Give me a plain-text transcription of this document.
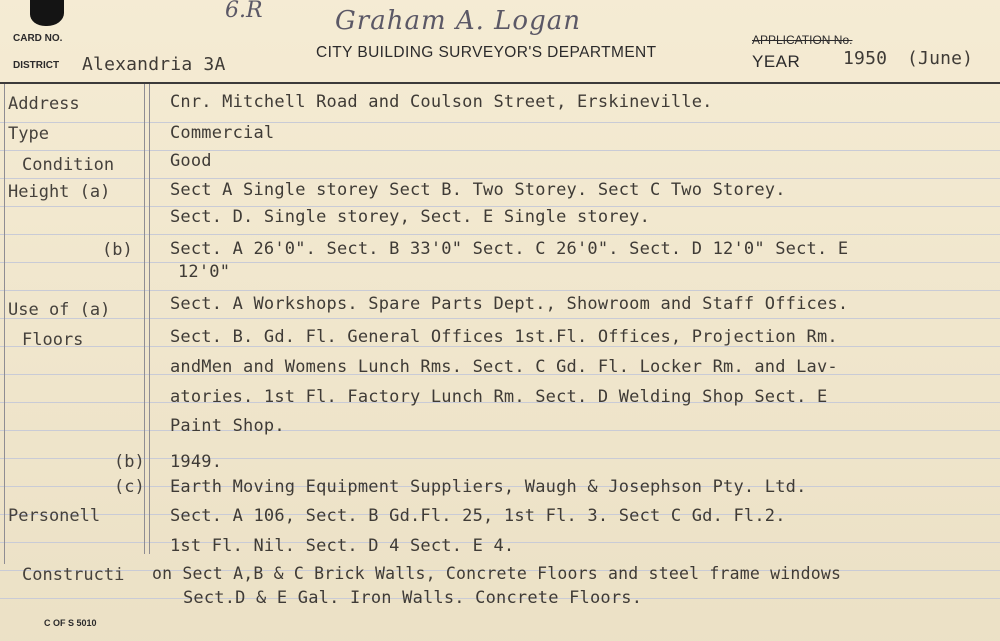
6.R	Graham A. Logan
CARD NO.
DISTRICT Alexandria 3A
CITY BUILDING SURVEYOR'S DEPARTMENT
APPLICATION No.
YEAR 1950 (June)
Address
Type
Condition
Height (a)
(b)
Use of (a)
Floors
(b)
(c)
Personell
Constructi
Cnr. Mitchell Road and Coulson Street, Erskineville.
Commercial
Good
Sect A Single storey Sect B. Two Storey. Sect C Two Storey.
Sect. D. Single storey, Sect. E Single storey.
Sect. A 26'0". Sect. B 33'0" Sect. C 26'0". Sect. D 12'0" Sect. E
12'0"
Sect. A Workshops. Spare Parts Dept., Showroom and Staff Offices.
Sect. B. Gd. Fl. General Offices 1st.Fl. Offices, Projection Rm.
andMen and Womens Lunch Rms. Sect. C Gd. Fl. Locker Rm. and Lav-
atories. 1st Fl. Factory Lunch Rm. Sect. D Welding Shop Sect. E
Paint Shop.
1949.
Earth Moving Equipment Suppliers, Waugh & Josephson Pty. Ltd.
Sect. A 106, Sect. B Gd.Fl. 25, 1st Fl. 3. Sect C Gd. Fl.2.
1st Fl. Nil. Sect. D 4 Sect. E 4.
on Sect A,B & C Brick Walls, Concrete Floors and steel frame windows
Sect.D & E Gal. Iron Walls. Concrete Floors.
C OF S 5010
